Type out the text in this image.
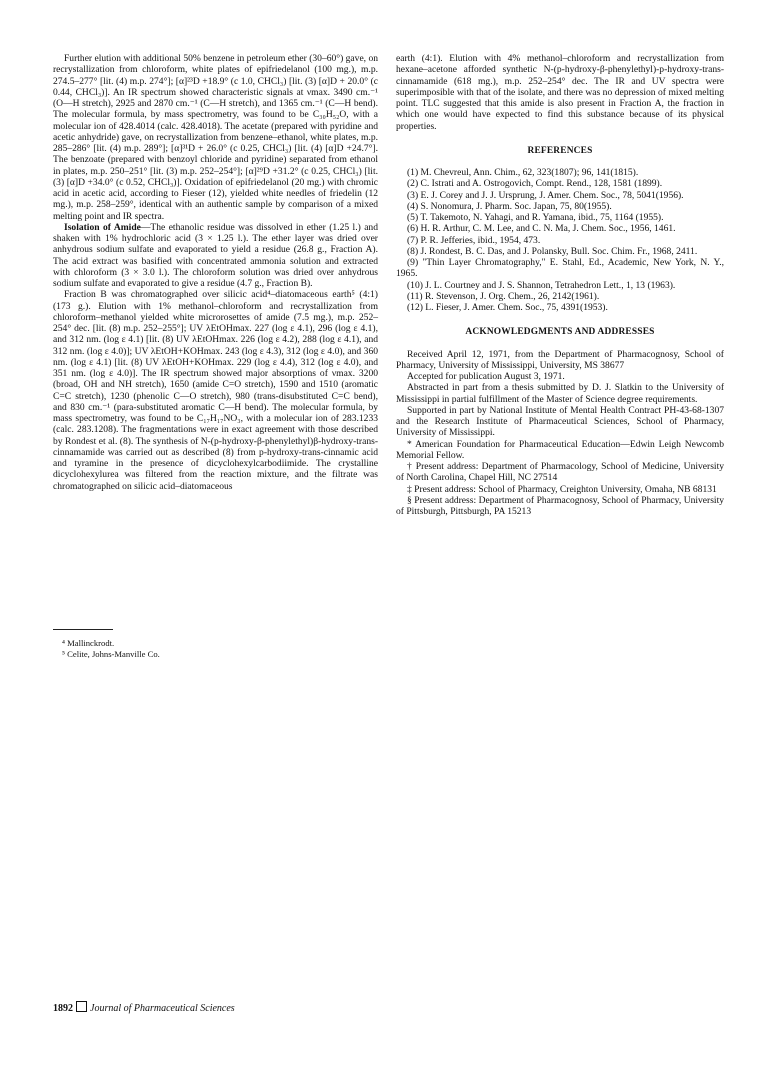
Further elution with additional 50% benzene in petroleum ether (30–60°) gave, on recrystallization from chloroform, white plates of epifriedelanol (100 mg.), m.p. 274.5–277° [lit. (4) m.p. 274°]; [α]²³D +18.9° (c 1.0, CHCl₃) [lit. (3) [α]D + 20.0° (c 0.44, CHCl₃)]. An IR spectrum showed characteristic signals at νmax. 3490 cm.⁻¹ (O—H stretch), 2925 and 2870 cm.⁻¹ (C—H stretch), and 1365 cm.⁻¹ (C—H bend). The molecular formula, by mass spectrometry, was found to be C₃₀H₅₂O, with a molecular ion of 428.4014 (calc. 428.4018). The acetate (prepared with pyridine and acetic anhydride) gave, on recrystallization from benzene–ethanol, white plates, m.p. 285–286° [lit. (4) m.p. 289°]; [α]³¹D + 26.0° (c 0.25, CHCl₃) [lit. (4) [α]D +24.7°]. The benzoate (prepared with benzoyl chloride and pyridine) separated from ethanol in plates, m.p. 250–251° [lit. (3) m.p. 252–254°]; [α]²⁹D +31.2° (c 0.25, CHCl₃) [lit. (3) [α]D +34.0° (c 0.52, CHCl₃)]. Oxidation of epifriedelanol (20 mg.) with chromic acid in acetic acid, according to Fieser (12), yielded white needles of friedelin (12 mg.), m.p. 258–259°, identical with an authentic sample by comparison of a mixed melting point and IR spectra.

Isolation of Amide—The ethanolic residue was dissolved in ether (1.25 l.) and shaken with 1% hydrochloric acid (3 × 1.25 l.). The ether layer was dried over anhydrous sodium sulfate and evaporated to yield a residue (26.8 g., Fraction A). The acid extract was basified with concentrated ammonia solution and extracted with chloroform (3 × 3.0 l.). The chloroform solution was dried over anhydrous sodium sulfate and evaporated to give a residue (4.7 g., Fraction B).

Fraction B was chromatographed over silicic acid⁴–diatomaceous earth⁵ (4:1) (173 g.). Elution with 1% methanol–chloroform and recrystallization from chloroform–methanol yielded white microrosettes of amide (7.5 mg.), m.p. 252–254° dec. [lit. (8) m.p. 252–255°]; UV λEtOHmax. 227 (log ε 4.1), 296 (log ε 4.1), and 312 nm. (log ε 4.1) [lit. (8) UV λEtOHmax. 226 (log ε 4.2), 288 (log ε 4.1), and 312 nm. (log ε 4.0)]; UV λEtOH+KOHmax. 243 (log ε 4.3), 312 (log ε 4.0), and 360 nm. (log ε 4.1) [lit. (8) UV λEtOH+KOHmax. 229 (log ε 4.4), 312 (log ε 4.0), and 351 nm. (log ε 4.0)]. The IR spectrum showed major absorptions of νmax. 3200 (broad, OH and NH stretch), 1650 (amide C=O stretch), 1590 and 1510 (aromatic C=C stretch), 1230 (phenolic C—O stretch), 980 (trans-disubstituted C=C bend), and 830 cm.⁻¹ (para-substituted aromatic C—H bend). The molecular formula, by mass spectrometry, was found to be C₁₇H₁₇NO₃, with a molecular ion of 283.1233 (calc. 283.1208). The fragmentations were in exact agreement with those described by Rondest et al. (8). The synthesis of N-(p-hydroxy-β-phenylethyl)β-hydroxy-trans-cinnamamide was carried out as described (8) from p-hydroxy-trans-cinnamic acid and tyramine in the presence of dicyclohexylcarbodiimide. The crystalline dicyclohexylurea was filtered from the reaction mixture, and the filtrate was chromatographed on silicic acid–diatomaceous

⁴ Mallinckrodt.
⁵ Celite, Johns-Manville Co.

earth (4:1). Elution with 4% methanol–chloroform and recrystallization from hexane–acetone afforded synthetic N-(p-hydroxy-β-phenylethyl)-p-hydroxy-trans-cinnamamide (618 mg.), m.p. 252–254° dec. The IR and UV spectra were superimposible with that of the isolate, and there was no depression of mixed melting point. TLC suggested that this amide is also present in Fraction A, the fraction in which one would have expected to find this substance because of its physical properties.

REFERENCES

(1) M. Chevreul, Ann. Chim., 62, 323(1807); 96, 141(1815).

(2) C. Istrati and A. Ostrogovich, Compt. Rend., 128, 1581 (1899).

(3) E. J. Corey and J. J. Ursprung, J. Amer. Chem. Soc., 78, 5041(1956).

(4) S. Nonomura, J. Pharm. Soc. Japan, 75, 80(1955).

(5) T. Takemoto, N. Yahagi, and R. Yamana, ibid., 75, 1164 (1955).

(6) H. R. Arthur, C. M. Lee, and C. N. Ma, J. Chem. Soc., 1956, 1461.

(7) P. R. Jefferies, ibid., 1954, 473.

(8) J. Rondest, B. C. Das, and J. Polansky, Bull. Soc. Chim. Fr., 1968, 2411.

(9) "Thin Layer Chromatography," E. Stahl, Ed., Academic, New York, N. Y., 1965.

(10) J. L. Courtney and J. S. Shannon, Tetrahedron Lett., 1, 13 (1963).

(11) R. Stevenson, J. Org. Chem., 26, 2142(1961).

(12) L. Fieser, J. Amer. Chem. Soc., 75, 4391(1953).

ACKNOWLEDGMENTS AND ADDRESSES

Received April 12, 1971, from the Department of Pharmacognosy, School of Pharmacy, University of Mississippi, University, MS 38677

Accepted for publication August 3, 1971.

Abstracted in part from a thesis submitted by D. J. Slatkin to the University of Mississippi in partial fulfillment of the Master of Science degree requirements.

Supported in part by National Institute of Mental Health Contract PH-43-68-1307 and the Research Institute of Pharmaceutical Sciences, School of Pharmacy, University of Mississippi.

* American Foundation for Pharmaceutical Education—Edwin Leigh Newcomb Memorial Fellow.

† Present address: Department of Pharmacology, School of Medicine, University of North Carolina, Chapel Hill, NC 27514

‡ Present address: School of Pharmacy, Creighton University, Omaha, NB 68131

§ Present address: Department of Pharmacognosy, School of Pharmacy, University of Pittsburgh, Pittsburgh, PA 15213

1892 Journal of Pharmaceutical Sciences
